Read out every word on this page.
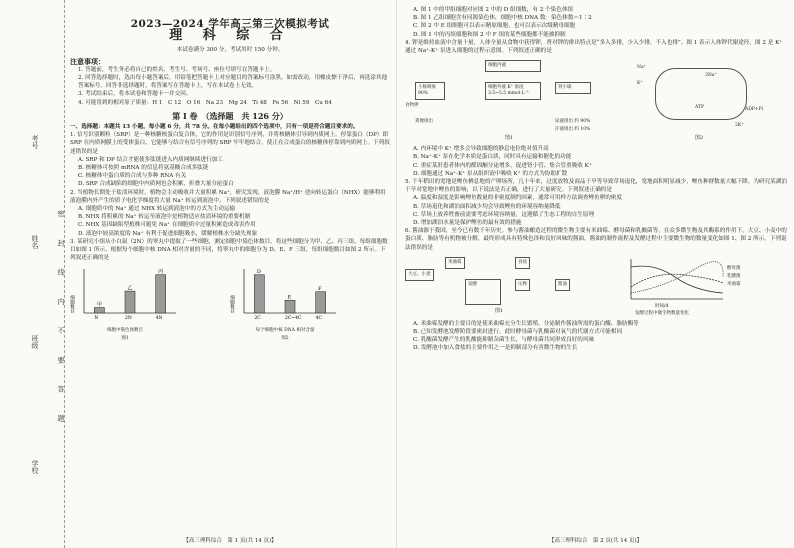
考号
姓名
班级
学校
密 封 线 内 不 要 答 题
2023—2024 学年高三第三次模拟考试
理 科 综 合

本试卷满分 300 分，考试用时 150 分钟。

注意事项：

1. 答题前，考生务必将自己的姓名、考生号、考场号、座位号填写在答题卡上。

2. 回答选择题时，选出每小题答案后，用铅笔把答题卡上对应题目的答案标号涂黑。如需改动，用橡皮擦干净后，再选涂其他答案标号。回答非选择题时，将答案写在答题卡上。写在本试卷上无效。

3. 考试结束后，将本试卷和答题卡一并交回。

4. 可能用到的相对原子质量：H 1　C 12　O 16　Na 23　Mg 24　Ti 48　Fe 56　Ni 59　Cu 64

第 Ⅰ 卷　（选择题　共 126 分）

一、选择题：本题共 13 小题，每小题 6 分，共 78 分。在每小题给出的四个选项中，只有一项是符合题目要求的。

1. 信号识别颗粒（SRP）是一种核糖核蛋白复合体，它的作用是识别信号序列，并将核糖体引导到内质网上。停靠蛋白（DP）即 SRP 在内质网膜上的受体蛋白，它能够与结合有信号序列的 SRP 牢牢地结合，使正在合成蛋白的核糖体停靠到内质网上。下列叙述错误的是

A. SRP 和 DP 结合才能使多肽链进入内质网继续进行加工

B. 核糖体可按照 mRNA 的信息将氨基酸合成多肽链

C. 核糖体中蛋白质的合成与多种 RNA 有关

D. SRP 合成缺陷的细胞中内质网也会积累、折叠大量分泌蛋白

2. 当植物长期处于盐渍环境时，植物会主动吸收并大量积累 Na⁺，研究发现，液泡膜 Na⁺/H⁺ 逆向转运蛋白（NHX）能够利用液泡膜内外产生的质子电化学梯度将大量 Na⁺ 转运到液泡中。下列叙述错误的是

A. 细胞质中的 Na⁺ 通过 NHX 转运到液泡中的方式为主动运输

B. NHX 将积累的 Na⁺ 转运至液泡中是植物适应盐渍环境的重要机制

C. NHX 基因缺陷型植株可避免 Na⁺ 在细胞质中过量积累造成毒害作用

D. 液泡中较高浓度的 Na⁺ 有利于促进细胞吸水，缓解植株水分缺失现象

3. 某研究小组从小白鼠（2N）的睾丸中提取了一些细胞，测定细胞中染色体数目，将这些细胞分为甲、乙、丙三组，每组细胞数目如图 1 所示。根据每个细胞中核 DNA 相对含量的不同，将睾丸中的细胞分为 D、E、F 三组，每组细胞数目如图 2 所示。下列叙述正确的是

细胞数目	甲
N
乙
2N
丙
4N
细胞中染色体数目
图1
细胞数目
D
2C
E
2C~4C
F
4C
每个细胞中核 DNA 相对含量
图2
【高三理科综合　第 1 页(共 14 页)】

A. 图 1 中的甲组细胞对应图 2 中的 D 组细数，有 2 个染色体组

B. 图 1 乙组细胞含有同源染色体，细胞中核 DNA 数：染色体数＝1∶2

C. 图 2 中 E 组细胞可以表示精原细胞，也可以表示次级精母细胞

D. 图 1 中的丙组细胞和图 2 中 F 组的某些细胞都不能被抑制

4. 钾是维持血液中含量十量，人体全量从食物中获得钾，肾对钾的排出特点是“多入多排，少入少排，不入也排”。图 1 表示人体钾代谢途径，图 2 是 K⁺ 通过 Na⁺-K⁺ 泵进入细胞的过程示意图。下列叙述正确的是

小肠吸收 90%
食物钾
细胞外液 K⁺ 浓度 3.5~5.5 mmol·L⁻¹
细胞内液
肾小球
粪便排出	尿液排出 约 90%
汗液排出 约 10%
图1
Na⁺
K⁺
3Na⁺
2K⁺
ATP	ADP+Pi
图2

A. 内环境中 K⁺ 增多会导致细胞的静息电位绝对值升高

B. Na⁺-K⁺ 泵在化学本质是蛋白质，同时具有运输和催化的功能

C. 重症某肝患者体内的醛固酮分泌增多，促进肾小管、集合管重吸收 K⁺

D. 细胞通过 Na⁺-K⁺ 泵从组织液中吸收 K⁺ 的方式为协助扩散

5. 千年稻田的宽地是鲤鱼栖息地的产卵场所，几十年来，过度放牧及商品干旱等导致草场退化，宽地面积明显减少，鲤鱼种群数量大幅下降。为研究某湖泊干旱对宽地中鲤鱼的影响，以下说法是否正确，进行了大量研究。下列叙述正确的是

A. 温度和湿度是影响鲤鱼数量的非密度制约因素，通常可用样方法调查鲤鱼卵的密度

B. 草场退化和湖泊面积减少均会导致鲤鱼的环境容纳量降低

C. 草场上放养牲畜前需要考虑环境容纳量，这遵循了生态工程的自生原理

D. 增加湖泊水量是保护鲤鱼的最有效的措施

6. 酱油源于我国，至今已有数千年历史。参与酱油酿造过程的微生物主要有米曲霉、酵母菌和乳酸菌等，在众多微生物及其酶系的作用下，大豆、小麦中的蛋白质、脂肪等有机物被分解，最终形成具有特殊色泽和良好风味的酱油。酱油的制作流程及发酵过程中主要微生物的数量变化如图 1、图 2 所示。下列说法错误的是

大豆、小麦
米曲霉
发酵	压榨
食盐
酱油
图1
酵母菌
乳酸菌
米曲霉
时间/d
发酵过程中微生物数量变化

A. 米曲霉发酵的主要目的是使米曲霉充分生长繁殖，分泌制作酱油所需的蛋白酶、脂肪酶等

B. 已知发酵池发酵阶段要密封进行，此时酵母菌与乳酸菌对氧气的代谢方式可能相同

C. 乳酸菌发酵产生的乳酸能抑制杂菌生长，与酵母菌共同形成良好的风味

D. 发酵池中加入食盐的主要作用之一是抑制部分有害微生物的生长

【高三理科综合　第 2 页(共 14 页)】
